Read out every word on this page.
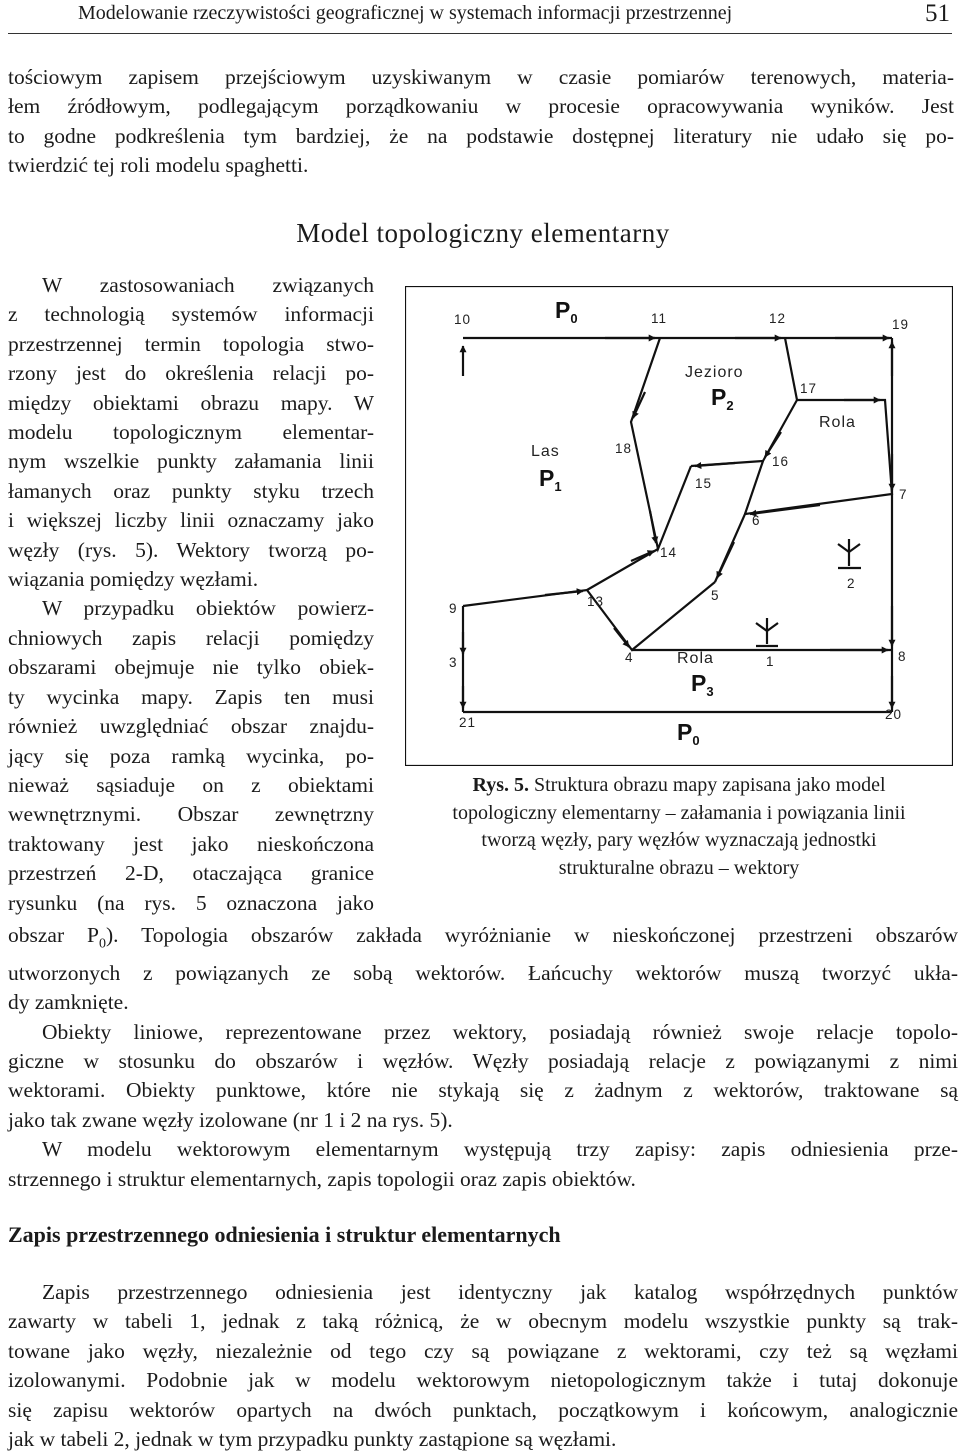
Modelowanie rzeczywistości geograficznej w systemach informacji przestrzennej	51
tościowym zapisem przejściowym uzyskiwanym w czasie pomiarów terenowych, materia-
łem źródłowym, podlegającym porządkowaniu w procesie opracowywania wyników. Jest
to godne podkreślenia tym bardziej, że na podstawie dostępnej literatury nie udało się po-
twierdzić tej roli modelu spaghetti.
Model topologiczny elementarny
W zastosowaniach związanych
z technologią systemów informacji
przestrzennej termin topologia stwo-
rzony jest do określenia relacji po-
między obiektami obrazu mapy. W
modelu topologicznym elementar-
nym wszelkie punkty załamania linii
łamanych oraz punkty styku trzech
i większej liczby linii oznaczamy jako
węzły (rys. 5). Wektory tworzą po-
wiązania pomiędzy węzłami.
W przypadku obiektów powierz-
chniowych zapis relacji pomiędzy
obszarami obejmuje nie tylko obiek-
ty wycinka mapy. Zapis ten musi
również uwzględniać obszar znajdu-
jący się poza ramką wycinka, po-
nieważ sąsiaduje on z obiektami
wewnętrznymi. Obszar zewnętrzny
traktowany jest jako nieskończona
przestrzeń 2-D, otaczająca granice
rysunku (na rys. 5 oznaczona jako
10	11	12	19
17
18
16
15
7
6
14
2
5
13
9
4
3	8
1
20
21
$P_0$
Jezioro
$P_2$
Rola
Las
$P_1$
Rola
$P_3$
$P_0$
Rys. 5. Struktura obrazu mapy zapisana jako model
topologiczny elementarny – załamania i powiązania linii
tworzą węzły, pary węzłów wyznaczają jednostki
strukturalne obrazu – wektory
obszar $P_0$). Topologia obszarów zakłada wyróżnianie w nieskończonej przestrzeni obszarów
utworzonych z powiązanych ze sobą wektorów. Łańcuchy wektorów muszą tworzyć ukła-
dy zamknięte.
Obiekty liniowe, reprezentowane przez wektory, posiadają również swoje relacje topolo-
giczne w stosunku do obszarów i węzłów. Węzły posiadają relacje z powiązanymi z nimi
wektorami. Obiekty punktowe, które nie stykają się z żadnym z wektorów, traktowane są
jako tak zwane węzły izolowane (nr 1 i 2 na rys. 5).
W modelu wektorowym elementarnym występują trzy zapisy: zapis odniesienia prze-
strzennego i struktur elementarnych, zapis topologii oraz zapis obiektów.
Zapis przestrzennego odniesienia i struktur elementarnych
Zapis przestrzennego odniesienia jest identyczny jak katalog współrzędnych punktów
zawarty w tabeli 1, jednak z taką różnicą, że w obecnym modelu wszystkie punkty są trak-
towane jako węzły, niezależnie od tego czy są powiązane z wektorami, czy też są węzłami
izolowanymi. Podobnie jak w modelu wektorowym nietopologicznym także i tutaj dokonuje
się zapisu wektorów opartych na dwóch punktach, początkowym i końcowym, analogicznie
jak w tabeli 2, jednak w tym przypadku punkty zastąpione są węzłami.
